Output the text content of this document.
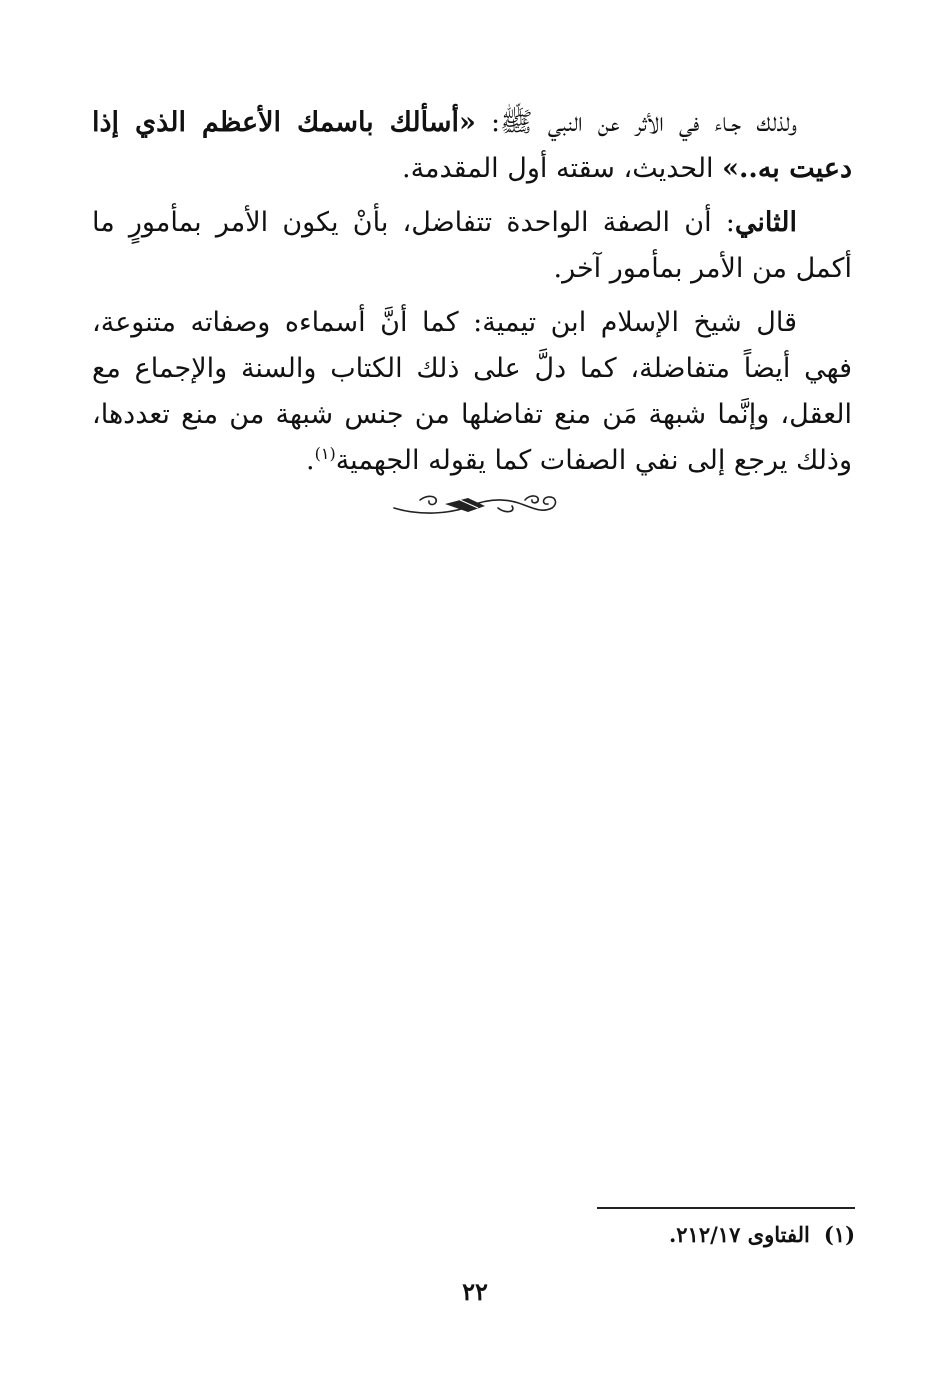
ولذلك جـاء في الأثر عن النبي ﷺ: «أسألك باسمك الأعظم الذي إذا دعيت به..» الحديث، سقته أول المقدمة.

الثاني: أن الصفة الواحدة تتفاضل، بأنْ يكون الأمر بمأمورٍ ما أكمل من الأمر بمأمور آخر.

قال شيخ الإسلام ابن تيمية: كما أنَّ أسماءه وصفاته متنوعة، فهي أيضاً متفاضلة، كما دلَّ على ذلك الكتاب والسنة والإجماع مع العقل، وإنَّما شبهة مَن منع تفاضلها من جنس شبهة من منع تعددها، وذلك يرجع إلى نفي الصفات كما يقوله الجهمية$^{(١)}$.

(١)الفتاوى ٢١٢/١٧.
٢٢
